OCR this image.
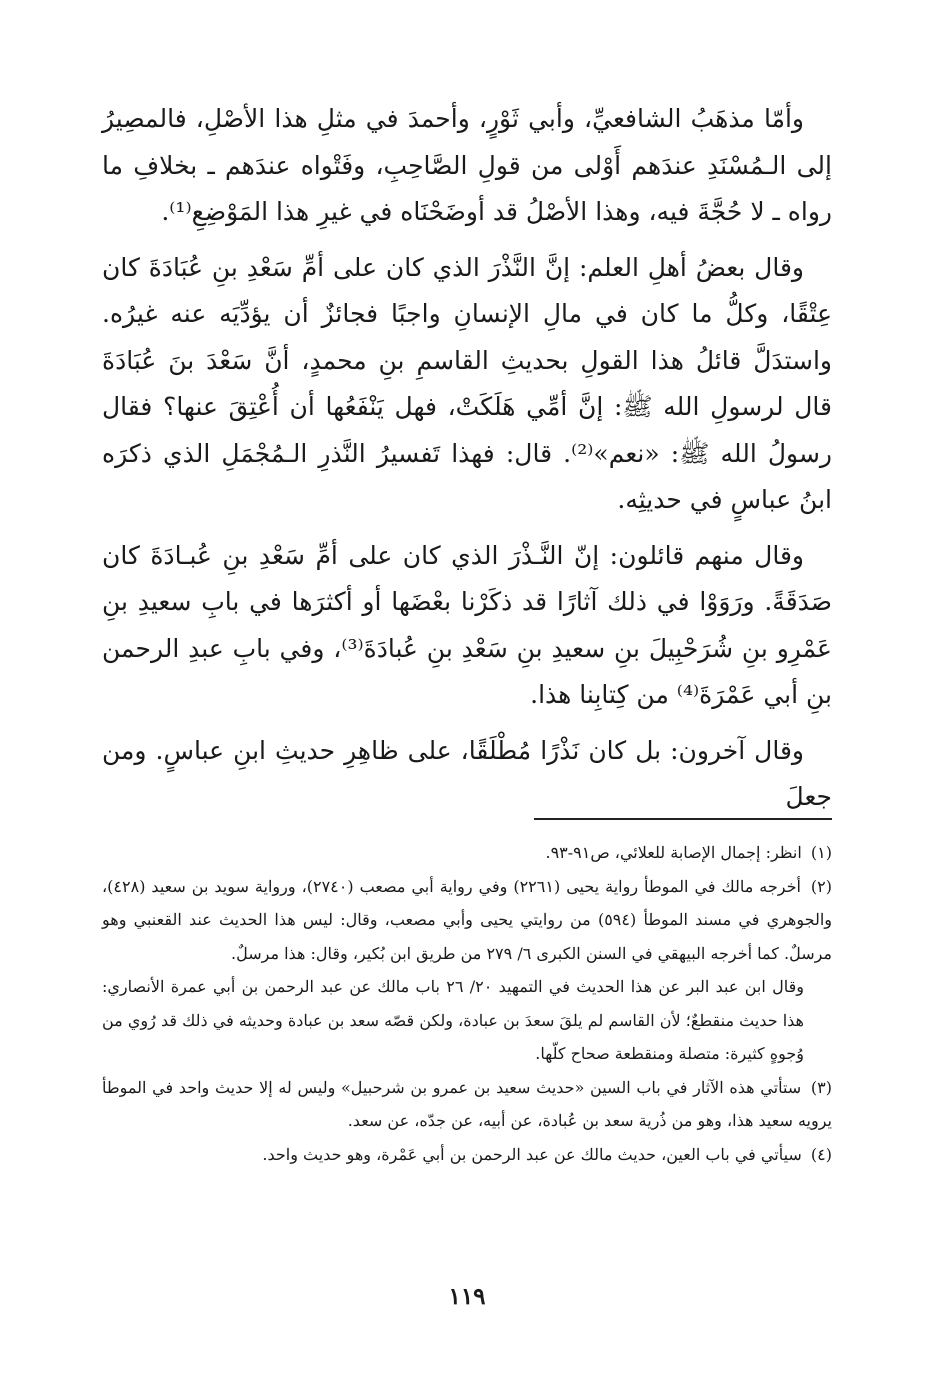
وأمّا مذهَبُ الشافعيِّ، وأبي ثَوْرٍ، وأحمدَ في مثلِ هذا الأصْلِ، فالمصِيرُ إلى الـمُسْنَدِ عندَهم أَوْلى من قولِ الصَّاحِبِ، وفَتْواه عندَهم ـ بخلافِ ما رواه ـ لا حُجَّةَ فيه، وهذا الأصْلُ قد أوضَحْنَاه في غيرِ هذا المَوْضِعِ⁽¹⁾.

وقال بعضُ أهلِ العلم: إنَّ النَّذْرَ الذي كان على أمِّ سَعْدِ بنِ عُبَادَةَ كان عِتْقًا، وكلُّ ما كان في مالِ الإنسانِ واجبًا فجائزٌ أن يؤدِّيَه عنه غيرُه. واستدَلَّ قائلُ هذا القولِ بحديثِ القاسمِ بنِ محمدٍ، أنَّ سَعْدَ بنَ عُبَادَةَ قال لرسولِ الله ﷺ: إنَّ أمِّي هَلَكَتْ، فهل يَنْفَعُها أن أُعْتِقَ عنها؟ فقال رسولُ الله ﷺ: «نعم»⁽²⁾. قال: فهذا تَفسيرُ النَّذرِ الـمُجْمَلِ الذي ذكرَه ابنُ عباسٍ في حديثِه.

وقال منهم قائلون: إنّ النَّـذْرَ الذي كان على أمِّ سَعْدِ بنِ عُبـادَةَ كان صَدَقَةً. ورَوَوْا في ذلك آثارًا قد ذكَرْنا بعْضَها أو أكثرَها في بابِ سعيدِ بنِ عَمْرِو بنِ شُرَحْبِيلَ بنِ سعيدِ بنِ سَعْدِ بنِ عُبادَةَ⁽³⁾، وفي بابِ عبدِ الرحمن بنِ أبي عَمْرَةَ⁽⁴⁾ من كِتابِنا هذا.

وقال آخرون: بل كان نَذْرًا مُطْلَقًا، على ظاهِرِ حديثِ ابنِ عباسٍ. ومن جعلَ

(١) انظر: إجمال الإصابة للعلائي، ص٩١-٩٣.

(٢) أخرجه مالك في الموطأ رواية يحيى (٢٢٦١) وفي رواية أبي مصعب (٢٧٤٠)، ورواية سويد بن سعيد (٤٢٨)، والجوهري في مسند الموطأ (٥٩٤) من روايتي يحيى وأبي مصعب، وقال: ليس هذا الحديث عند القعنبي وهو مرسلٌ. كما أخرجه البيهقي في السنن الكبرى ٦/ ٢٧٩ من طريق ابن بُكير، وقال: هذا مرسلٌ.

وقال ابن عبد البر عن هذا الحديث في التمهيد ٢٠/ ٢٦ باب مالك عن عبد الرحمن بن أبي عمرة الأنصاري: هذا حديث منقطعٌ؛ لأن القاسم لم يلقَ سعدَ بن عبادة، ولكن قصّه سعد بن عبادة وحديثه في ذلك قد رُوي من وُجوهٍ كثيرة: متصلة ومنقطعة صحاح كلّها.

(٣) ستأتي هذه الآثار في باب السين «حديث سعيد بن عمرو بن شرحبيل» وليس له إلا حديث واحد في الموطأ يرويه سعيد هذا، وهو من ذُرية سعد بن عُبادة، عن أبيه، عن جدّه، عن سعد.

(٤) سيأتي في باب العين، حديث مالك عن عبد الرحمن بن أبي عَمْرة، وهو حديث واحد.

١١٩
